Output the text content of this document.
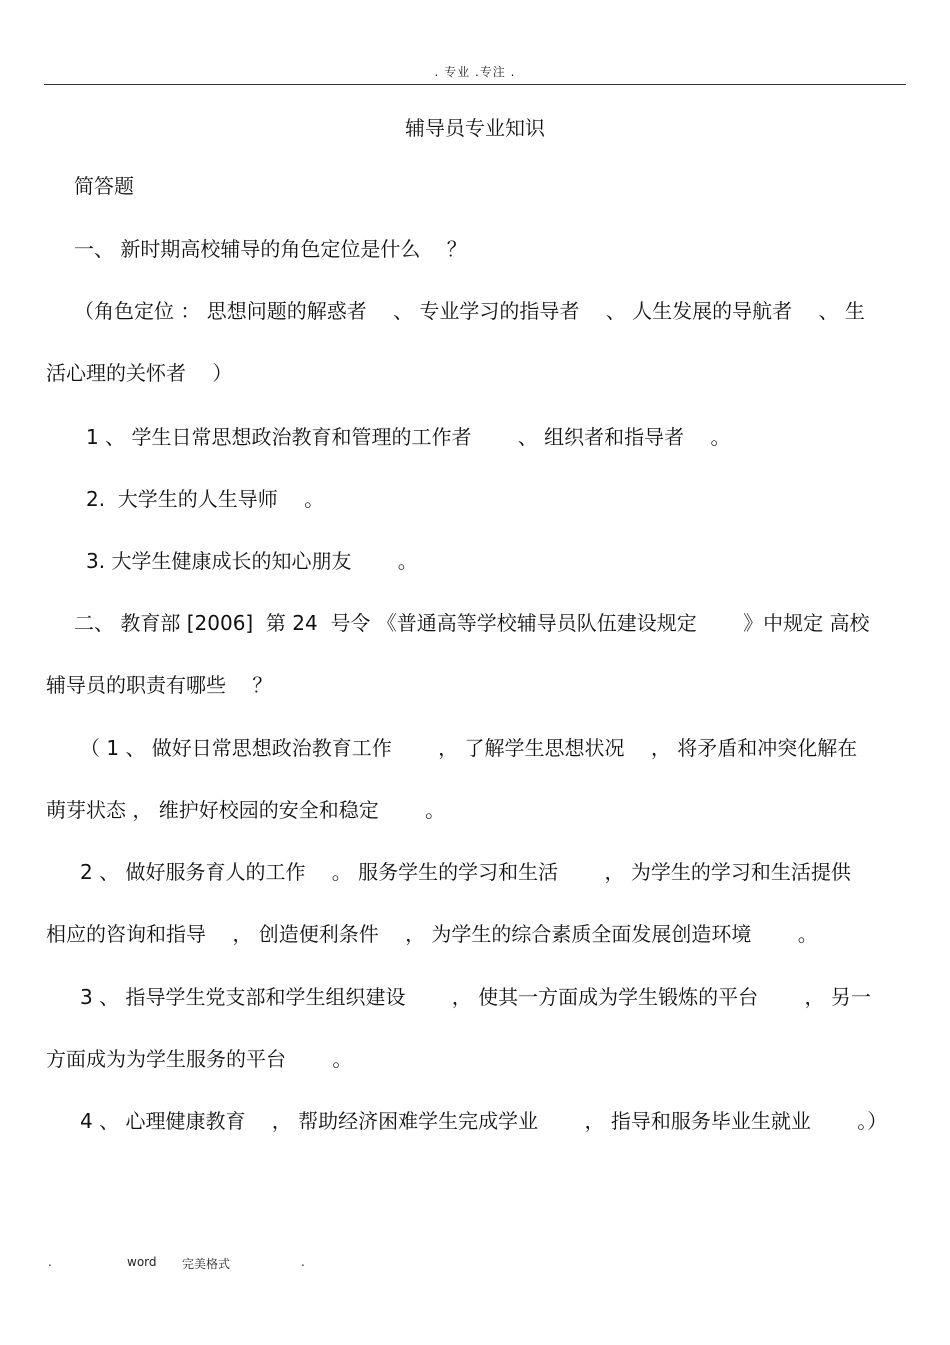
. 专业 .专注 .
辅导员专业知识
简答题
一、 新时期高校辅导的角色定位是什么　 ？
（角色定位 ： 思想问题的解惑者　 、 专业学习的指导者　 、 人生发展的导航者　 、 生
活心理的关怀者　 ）
1 、 学生日常思想政治教育和管理的工作者　　 、 组织者和指导者　 。
2.  大学生的人生导师　 。
3. 大学生健康成长的知心朋友　　 。
二、 教育部 [2006]  第 24  号令 《普通高等学校辅导员队伍建设规定　　 》中规定 高校
辅导员的职责有哪些　 ？
（ 1 、 做好日常思想政治教育工作　　 ， 了解学生思想状况　 ， 将矛盾和冲突化解在
萌芽状态 ， 维护好校园的安全和稳定　　 。
2 、 做好服务育人的工作　 。 服务学生的学习和生活　　 ， 为学生的学习和生活提供
相应的咨询和指导　 ， 创造便利条件　 ， 为学生的综合素质全面发展创造环境　　 。
3 、 指导学生党支部和学生组织建设　　 ， 使其一方面成为学生锻炼的平台　　 ， 另一
方面成为为学生服务的平台　　 。
4 、 心理健康教育　 ， 帮助经济困难学生完成学业　　 ， 指导和服务毕业生就业　　 。）
.	word 完美格式	.
